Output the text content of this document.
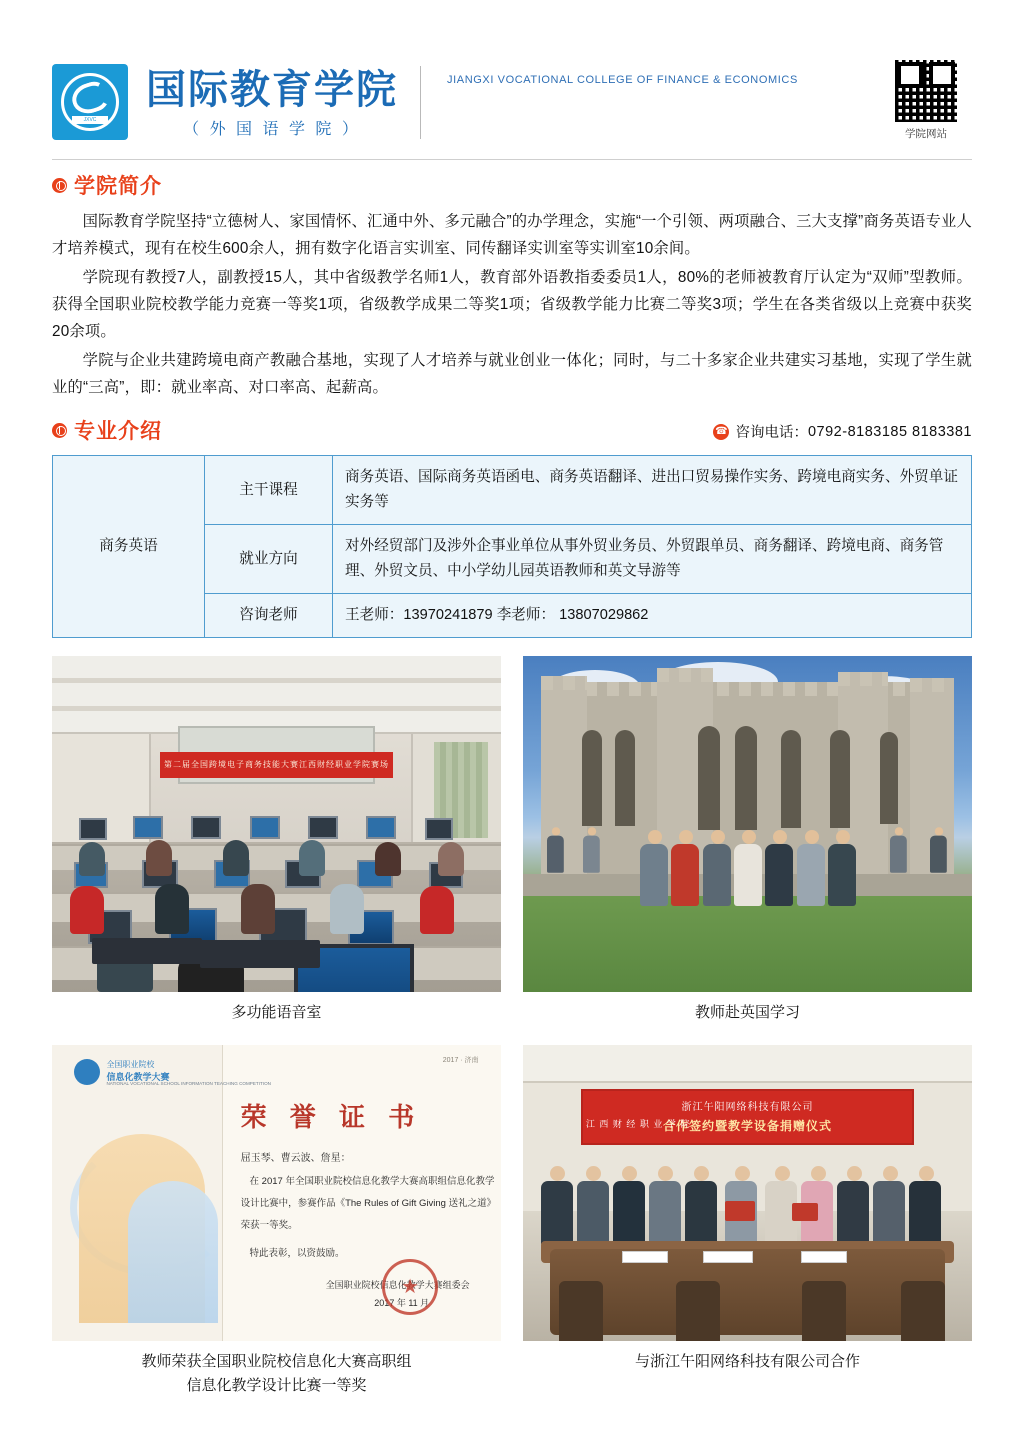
JXVC
国际教育学院
（ 外 国 语 学 院 ）
JIANGXI VOCATIONAL COLLEGE OF FINANCE & ECONOMICS
学院网站
学院简介

国际教育学院坚持“立德树人、家国情怀、汇通中外、多元融合”的办学理念，实施“一个引领、两项融合、三大支撑”商务英语专业人才培养模式，现有在校生600余人，拥有数字化语言实训室、同传翻译实训室等实训室10余间。

学院现有教授7人，副教授15人，其中省级教学名师1人，教育部外语教指委委员1人，80%的老师被教育厅认定为“双师”型教师。获得全国职业院校教学能力竞赛一等奖1项，省级教学成果二等奖1项；省级教学能力比赛二等奖3项；学生在各类省级以上竞赛中获奖20余项。

学院与企业共建跨境电商产教融合基地，实现了人才培养与就业创业一体化；同时，与二十多家企业共建实习基地，实现了学生就业的“三高”，即：就业率高、对口率高、起薪高。

专业介绍 ☎	咨询电话： 0792-8183185 8183381
商务英语	主干课程	商务英语、国际商务英语函电、商务英语翻译、进出口贸易操作实务、跨境电商实务、外贸单证实务等
	就业方向	对外经贸部门及涉外企事业单位从事外贸业务员、外贸跟单员、商务翻译、跨境电商、商务管理、外贸文员、中小学幼儿园英语教师和英文导游等
	咨询老师	王老师：13970241879 李老师： 13807029862
第二届全国跨境电子商务技能大赛江西财经职业学院赛场
多功能语音室	教师赴英国学习
全国职业院校
信息化教学大赛
NATIONAL VOCATIONAL SCHOOL INFORMATION TEACHING COMPETITION
2017 · 济南
荣 誉 证 书
屈玉琴、曹云波、詹星：
在 2017 年全国职业院校信息化教学大赛高职组信息化教学
设计比赛中，参赛作品《The Rules of Gift Giving 送礼之道》
荣获一等奖。
特此表彰，以资鼓励。
全国职业院校信息化教学大赛组委会
2017 年 11 月
★
教师荣获全国职业院校信息化大赛高职组
信息化教学设计比赛一等奖
浙江午阳网络科技有限公司
合作签约暨教学设备捐赠仪式
江 西 财 经 职 业 学 院
与浙江午阳网络科技有限公司合作
